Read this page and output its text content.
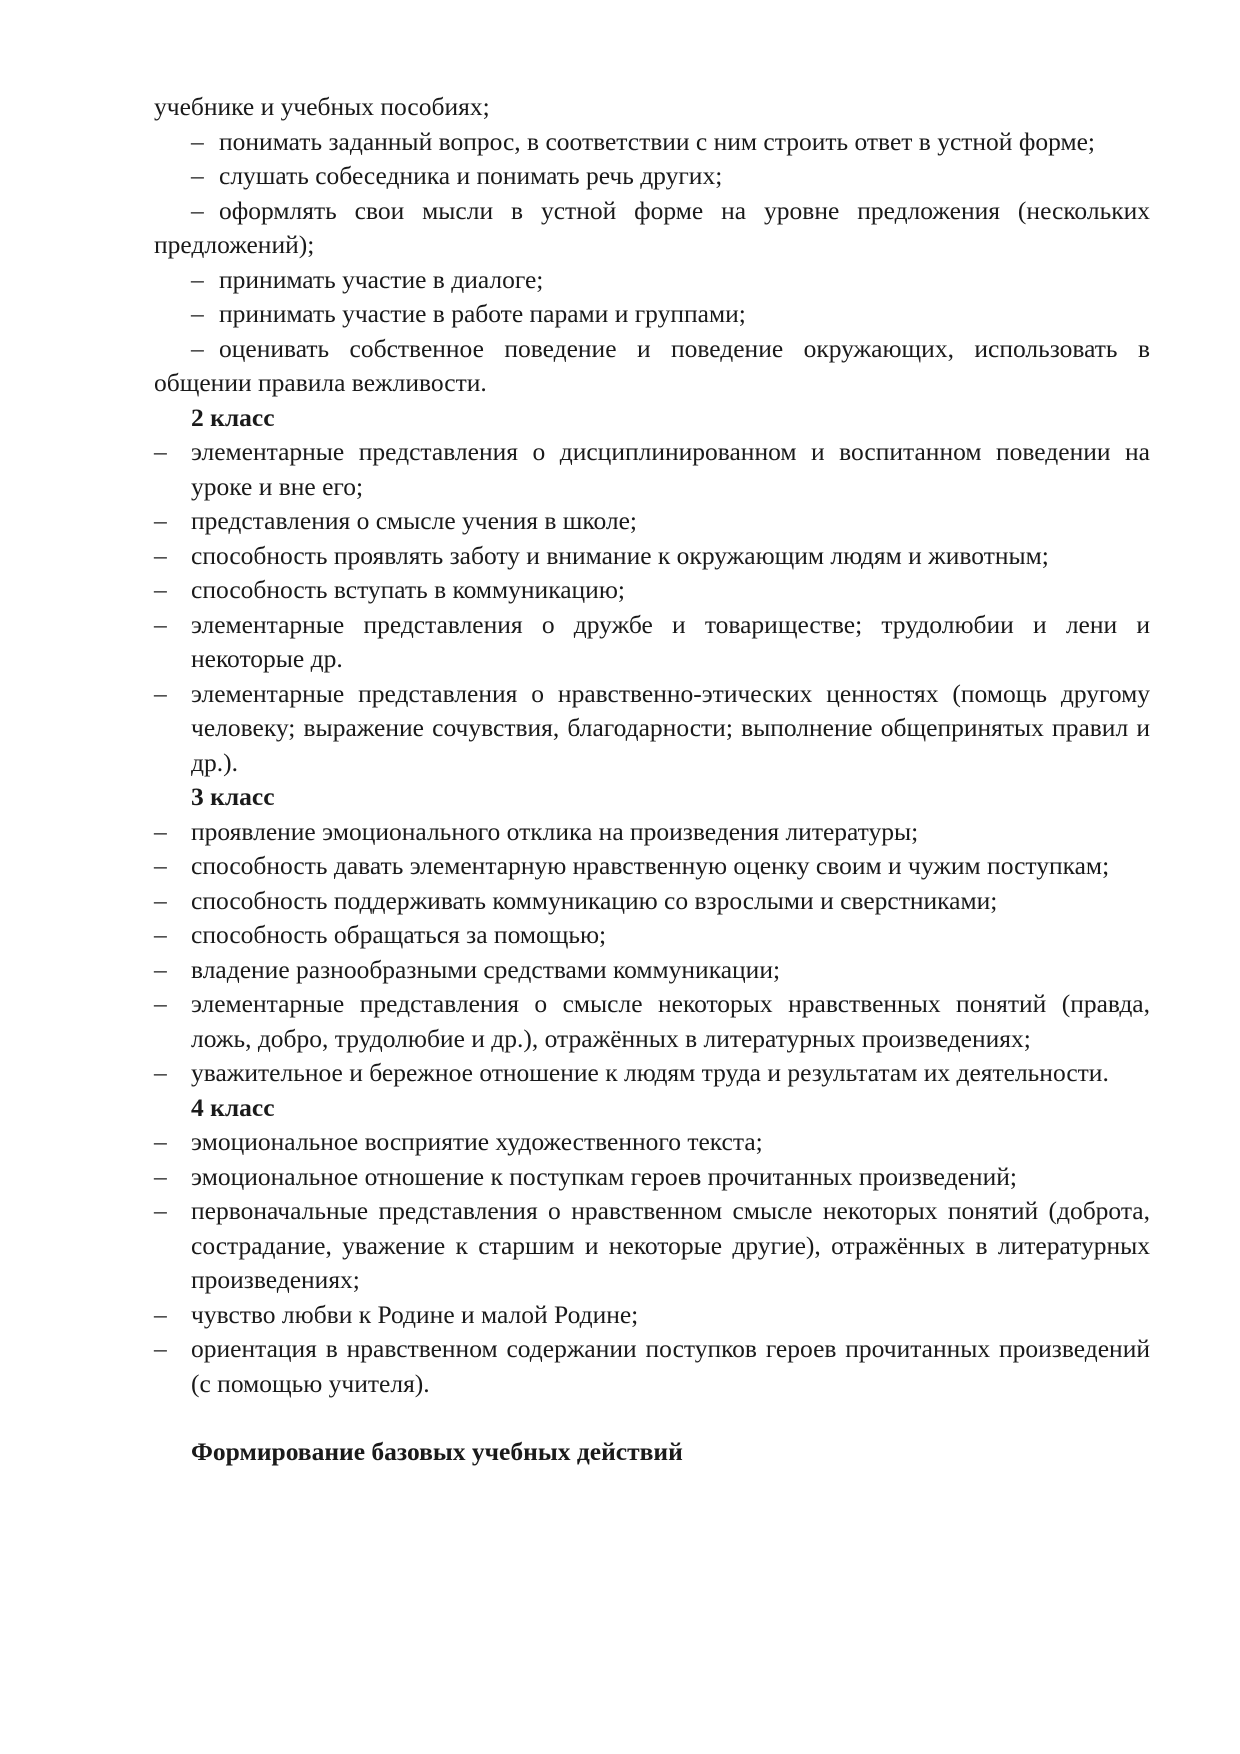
учебнике и учебных пособиях;

– понимать заданный вопрос, в соответствии с ним строить ответ в устной форме;

– слушать собеседника и понимать речь других;

– оформлять свои мысли в устной форме на уровне предложения (нескольких предложений);

– принимать участие в диалоге;

– принимать участие в работе парами и группами;

– оценивать собственное поведение и поведение окружающих, использовать в общении правила вежливости.

2 класс

– элементарные представления о дисциплинированном и воспитанном поведении на уроке и вне его;
– представления о смысле учения в школе;
– способность проявлять заботу и внимание к окружающим людям и животным;
– способность вступать в коммуникацию;
– элементарные представления о дружбе и товариществе; трудолюбии и лени и некоторые др.
– элементарные представления о нравственно-этических ценностях (помощь другому человеку; выражение сочувствия, благодарности; выполнение общепринятых правил и др.).

3 класс

– проявление эмоционального отклика на произведения литературы;
– способность давать элементарную нравственную оценку своим и чужим поступкам;
– способность поддерживать коммуникацию со взрослыми и сверстниками;
– способность обращаться за помощью;
– владение разнообразными средствами коммуникации;
– элементарные представления о смысле некоторых нравственных понятий (правда, ложь, добро, трудолюбие и др.), отражённых в литературных произведениях;
– уважительное и бережное отношение к людям труда и результатам их деятельности.

4 класс

– эмоциональное восприятие художественного текста;
– эмоциональное отношение к поступкам героев прочитанных произведений;
– первоначальные представления о нравственном смысле некоторых понятий (доброта, сострадание, уважение к старшим и некоторые другие), отражённых в литературных произведениях;
– чувство любви к Родине и малой Родине;
– ориентация в нравственном содержании поступков героев прочитанных произведений (с помощью учителя).

Формирование базовых учебных действий
